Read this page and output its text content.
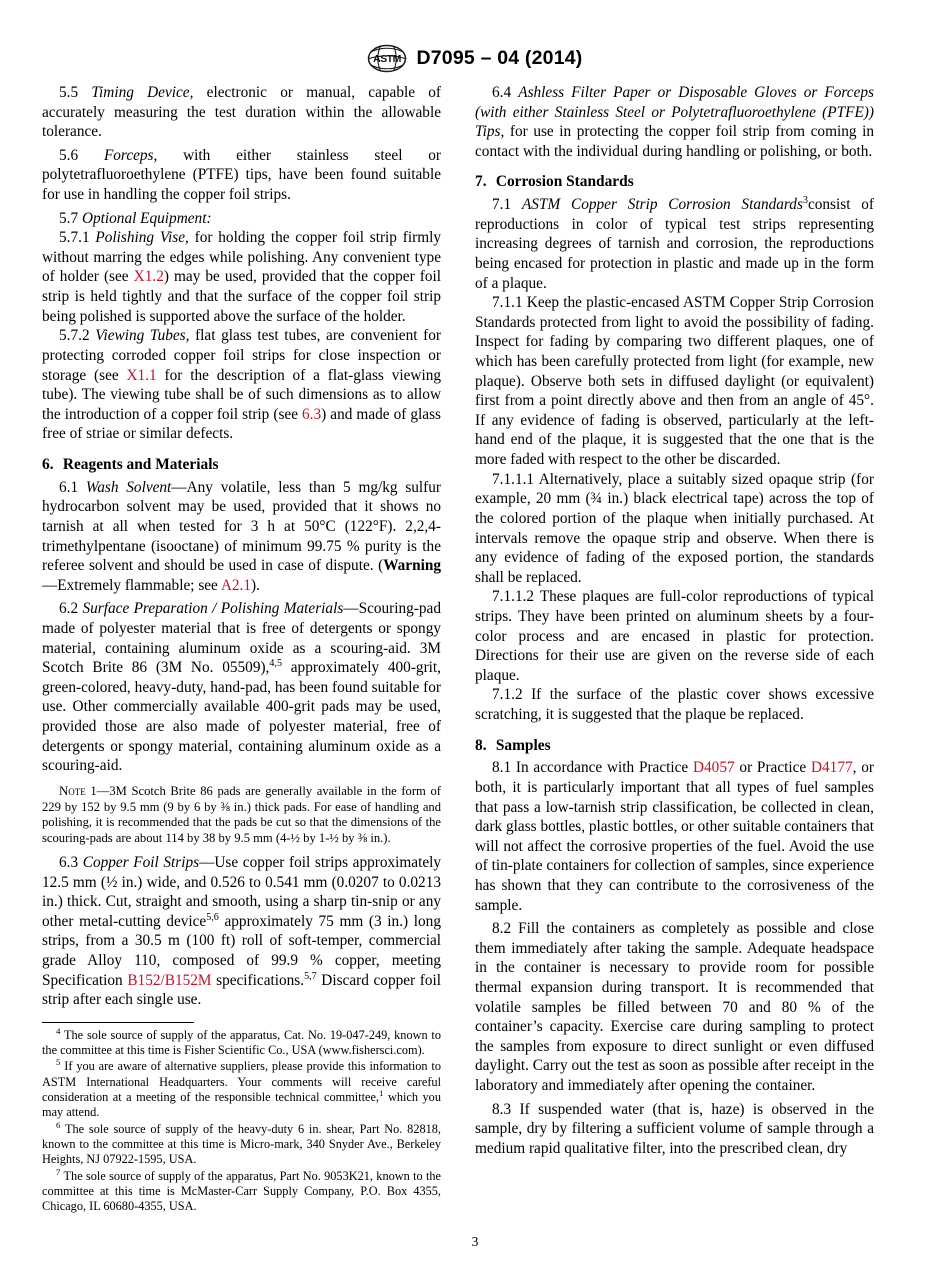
ASTM D7095 – 04 (2014)

5.5 Timing Device, electronic or manual, capable of accurately measuring the test duration within the allowable tolerance.

5.6 Forceps, with either stainless steel or polytetrafluoroethylene (PTFE) tips, have been found suitable for use in handling the copper foil strips.

5.7 Optional Equipment:

5.7.1 Polishing Vise, for holding the copper foil strip firmly without marring the edges while polishing. Any convenient type of holder (see X1.2) may be used, provided that the copper foil strip is held tightly and that the surface of the copper foil strip being polished is supported above the surface of the holder.

5.7.2 Viewing Tubes, flat glass test tubes, are convenient for protecting corroded copper foil strips for close inspection or storage (see X1.1 for the description of a flat-glass viewing tube). The viewing tube shall be of such dimensions as to allow the introduction of a copper foil strip (see 6.3) and made of glass free of striae or similar defects.

6. Reagents and Materials

6.1 Wash Solvent—Any volatile, less than 5 mg/kg sulfur hydrocarbon solvent may be used, provided that it shows no tarnish at all when tested for 3 h at 50°C (122°F). 2,2,4-trimethylpentane (isooctane) of minimum 99.75 % purity is the referee solvent and should be used in case of dispute. (Warning—Extremely flammable; see A2.1).

6.2 Surface Preparation / Polishing Materials—Scouring-pad made of polyester material that is free of detergents or spongy material, containing aluminum oxide as a scouring-aid. 3M Scotch Brite 86 (3M No. 05509),$^{4,5}$ approximately 400-grit, green-colored, heavy-duty, hand-pad, has been found suitable for use. Other commercially available 400-grit pads may be used, provided those are also made of polyester material, free of detergents or spongy material, containing aluminum oxide as a scouring-aid.

Note 1—3M Scotch Brite 86 pads are generally available in the form of 229 by 152 by 9.5 mm (9 by 6 by ⅜ in.) thick pads. For ease of handling and polishing, it is recommended that the pads be cut so that the dimensions of the scouring-pads are about 114 by 38 by 9.5 mm (4-½ by 1-½ by ⅜ in.).

6.3 Copper Foil Strips—Use copper foil strips approximately 12.5 mm (½ in.) wide, and 0.526 to 0.541 mm (0.0207 to 0.0213 in.) thick. Cut, straight and smooth, using a sharp tin-snip or any other metal-cutting device$^{5,6}$ approximately 75 mm (3 in.) long strips, from a 30.5 m (100 ft) roll of soft-temper, commercial grade Alloy 110, composed of 99.9 % copper, meeting Specification B152/B152M specifications.$^{5,7}$ Discard copper foil strip after each single use.

$^4$ The sole source of supply of the apparatus, Cat. No. 19-047-249, known to the committee at this time is Fisher Scientific Co., USA (www.fishersci.com).

$^5$ If you are aware of alternative suppliers, please provide this information to ASTM International Headquarters. Your comments will receive careful consideration at a meeting of the responsible technical committee,$^1$ which you may attend.

$^6$ The sole source of supply of the heavy-duty 6 in. shear, Part No. 82818, known to the committee at this time is Micro-mark, 340 Snyder Ave., Berkeley Heights, NJ 07922-1595, USA.

$^7$ The sole source of supply of the apparatus, Part No. 9053K21, known to the committee at this time is McMaster-Carr Supply Company, P.O. Box 4355, Chicago, IL 60680-4355, USA.

6.4 Ashless Filter Paper or Disposable Gloves or Forceps (with either Stainless Steel or Polytetrafluoroethylene (PTFE)) Tips, for use in protecting the copper foil strip from coming in contact with the individual during handling or polishing, or both.

7. Corrosion Standards

7.1 ASTM Copper Strip Corrosion Standards$^3$consist of reproductions in color of typical test strips representing increasing degrees of tarnish and corrosion, the reproductions being encased for protection in plastic and made up in the form of a plaque.

7.1.1 Keep the plastic-encased ASTM Copper Strip Corrosion Standards protected from light to avoid the possibility of fading. Inspect for fading by comparing two different plaques, one of which has been carefully protected from light (for example, new plaque). Observe both sets in diffused daylight (or equivalent) first from a point directly above and then from an angle of 45°. If any evidence of fading is observed, particularly at the left-hand end of the plaque, it is suggested that the one that is the more faded with respect to the other be discarded.

7.1.1.1 Alternatively, place a suitably sized opaque strip (for example, 20 mm (¾ in.) black electrical tape) across the top of the colored portion of the plaque when initially purchased. At intervals remove the opaque strip and observe. When there is any evidence of fading of the exposed portion, the standards shall be replaced.

7.1.1.2 These plaques are full-color reproductions of typical strips. They have been printed on aluminum sheets by a four-color process and are encased in plastic for protection. Directions for their use are given on the reverse side of each plaque.

7.1.2 If the surface of the plastic cover shows excessive scratching, it is suggested that the plaque be replaced.

8. Samples

8.1 In accordance with Practice D4057 or Practice D4177, or both, it is particularly important that all types of fuel samples that pass a low-tarnish strip classification, be collected in clean, dark glass bottles, plastic bottles, or other suitable containers that will not affect the corrosive properties of the fuel. Avoid the use of tin-plate containers for collection of samples, since experience has shown that they can contribute to the corrosiveness of the sample.

8.2 Fill the containers as completely as possible and close them immediately after taking the sample. Adequate headspace in the container is necessary to provide room for possible thermal expansion during transport. It is recommended that volatile samples be filled between 70 and 80 % of the container’s capacity. Exercise care during sampling to protect the samples from exposure to direct sunlight or even diffused daylight. Carry out the test as soon as possible after receipt in the laboratory and immediately after opening the container.

8.3 If suspended water (that is, haze) is observed in the sample, dry by filtering a sufficient volume of sample through a medium rapid qualitative filter, into the prescribed clean, dry

3
